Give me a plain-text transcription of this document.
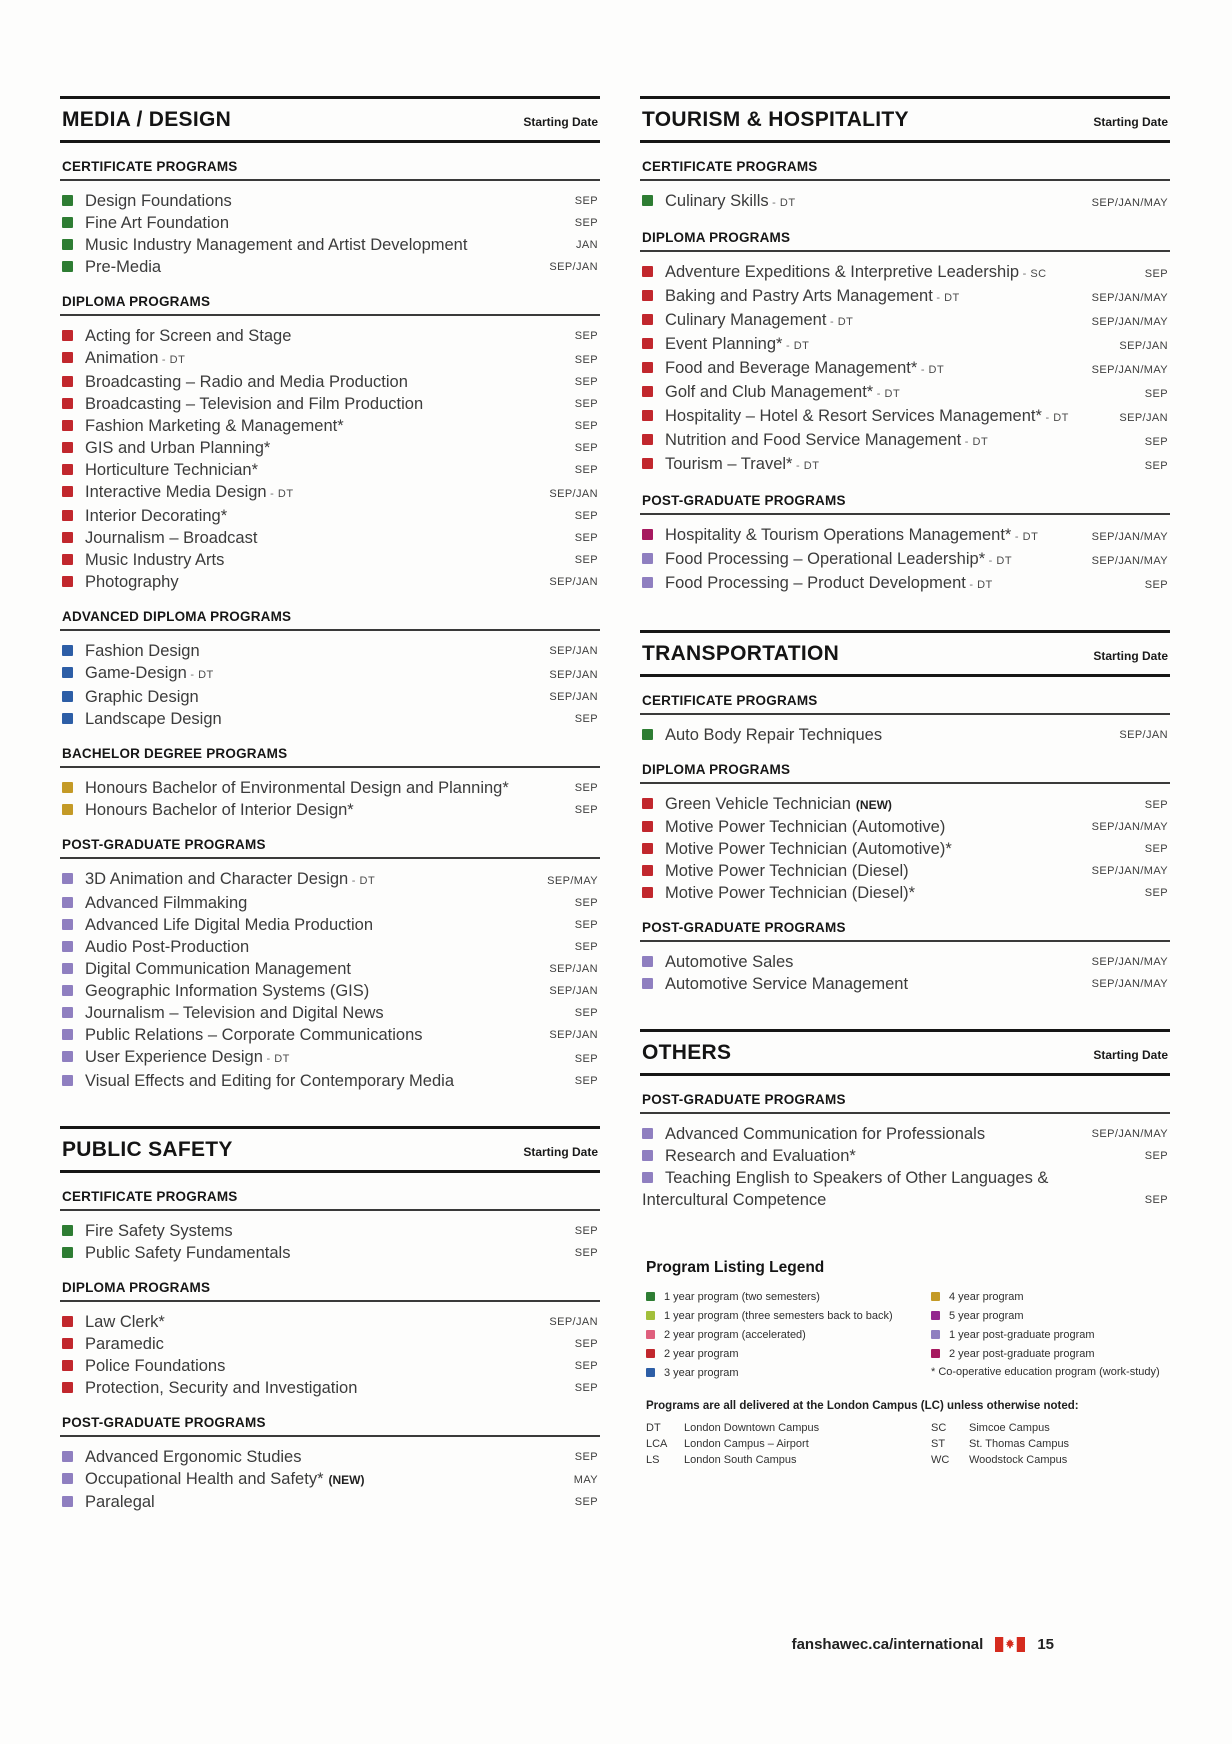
MEDIA / DESIGN	Starting Date
CERTIFICATE PROGRAMS
Design Foundations	SEP
Fine Art Foundation	SEP
Music Industry Management and Artist Development	JAN
Pre-Media	SEP/JAN
DIPLOMA PROGRAMS
Acting for Screen and Stage	SEP
Animation - DT	SEP
Broadcasting – Radio and Media Production	SEP
Broadcasting – Television and Film Production	SEP
Fashion Marketing & Management*	SEP
GIS and Urban Planning*	SEP
Horticulture Technician*	SEP
Interactive Media Design - DT	SEP/JAN
Interior Decorating*	SEP
Journalism – Broadcast	SEP
Music Industry Arts	SEP
Photography	SEP/JAN
ADVANCED DIPLOMA PROGRAMS
Fashion Design	SEP/JAN
Game-Design - DT	SEP/JAN
Graphic Design	SEP/JAN
Landscape Design	SEP
BACHELOR DEGREE PROGRAMS
Honours Bachelor of Environmental Design and Planning*	SEP
Honours Bachelor of Interior Design*	SEP
POST-GRADUATE PROGRAMS
3D Animation and Character Design - DT	SEP/MAY
Advanced Filmmaking	SEP
Advanced Life Digital Media Production	SEP
Audio Post-Production	SEP
Digital Communication Management	SEP/JAN
Geographic Information Systems (GIS)	SEP/JAN
Journalism – Television and Digital News	SEP
Public Relations – Corporate Communications	SEP/JAN
User Experience Design - DT	SEP
Visual Effects and Editing for Contemporary Media	SEP
PUBLIC SAFETY	Starting Date
CERTIFICATE PROGRAMS
Fire Safety Systems	SEP
Public Safety Fundamentals	SEP
DIPLOMA PROGRAMS
Law Clerk*	SEP/JAN
Paramedic	SEP
Police Foundations	SEP
Protection, Security and Investigation	SEP
POST-GRADUATE PROGRAMS
Advanced Ergonomic Studies	SEP
Occupational Health and Safety* (NEW)	MAY
Paralegal	SEP
TOURISM & HOSPITALITY	Starting Date
CERTIFICATE PROGRAMS
Culinary Skills - DT	SEP/JAN/MAY
DIPLOMA PROGRAMS
Adventure Expeditions & Interpretive Leadership - SC	SEP
Baking and Pastry Arts Management - DT	SEP/JAN/MAY
Culinary Management - DT	SEP/JAN/MAY
Event Planning* - DT	SEP/JAN
Food and Beverage Management* - DT	SEP/JAN/MAY
Golf and Club Management* - DT	SEP
Hospitality – Hotel & Resort Services Management* - DT	SEP/JAN
Nutrition and Food Service Management - DT	SEP
Tourism – Travel* - DT	SEP
POST-GRADUATE PROGRAMS
Hospitality & Tourism Operations Management* - DT	SEP/JAN/MAY
Food Processing – Operational Leadership* - DT	SEP/JAN/MAY
Food Processing – Product Development - DT	SEP
TRANSPORTATION	Starting Date
CERTIFICATE PROGRAMS
Auto Body Repair Techniques	SEP/JAN
DIPLOMA PROGRAMS
Green Vehicle Technician (NEW)	SEP
Motive Power Technician (Automotive)	SEP/JAN/MAY
Motive Power Technician (Automotive)*	SEP
Motive Power Technician (Diesel)	SEP/JAN/MAY
Motive Power Technician (Diesel)*	SEP
POST-GRADUATE PROGRAMS
Automotive Sales	SEP/JAN/MAY
Automotive Service Management	SEP/JAN/MAY
OTHERS	Starting Date
POST-GRADUATE PROGRAMS
Advanced Communication for Professionals	SEP/JAN/MAY
Research and Evaluation*	SEP
Teaching English to Speakers of Other Languages & Intercultural Competence	SEP
Program Listing Legend
1 year program (two semesters)
1 year program (three semesters back to back)
2 year program (accelerated)
2 year program
3 year program
4 year program
5 year program
1 year post-graduate program
2 year post-graduate program
* Co-operative education program (work-study)
Programs are all delivered at the London Campus (LC) unless otherwise noted:
DT	London Downtown Campus
LCA	London Campus – Airport
LS	London South Campus
SC	Simcoe Campus
ST	St. Thomas Campus
WC	Woodstock Campus
fanshawec.ca/international	15
